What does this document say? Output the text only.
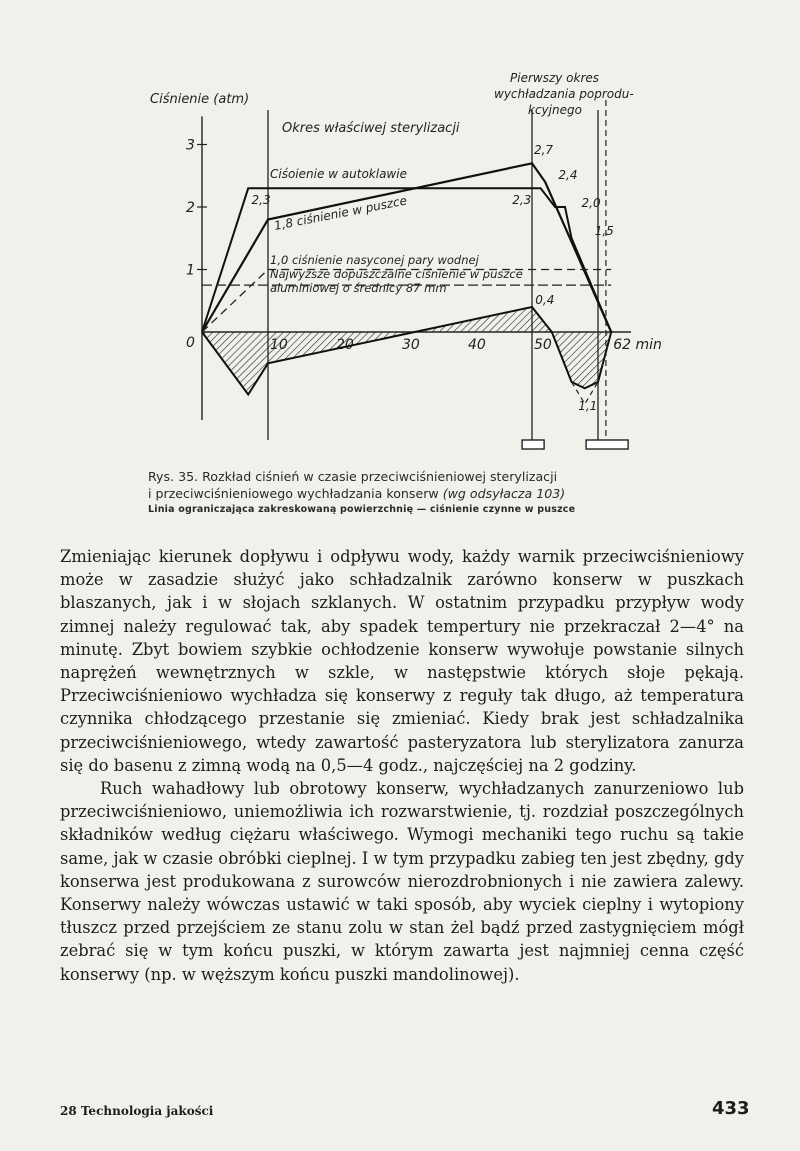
1
2
3
10	20	30	40	50	62 min
0
Ciśnienie (atm)
Okres właściwej sterylizacji
Pierwszy okres
wychładzania poprodu-
kcyjnego
Ciśoienie w autoklawie
1,8 ciśnienie w puszce
1,0 ciśnienie nasyconej pary wodnej
Najwyższe dopuszczalne ciśnienie w puszce
aluminiowej o średnicy 87 mm
2,3	2,3
2,7
2,4
2,0
1,5
0,4
1,1
Rys. 35. Rozkład ciśnień w czasie przeciwciśnieniowej sterylizacji
i przeciwciśnieniowego wychładzania konserw (wg odsyłacza 103)
Linia ograniczająca zakreskowaną powierzchnię — ciśnienie czynne w puszce

Zmieniając kierunek dopływu i odpływu wody, każdy warnik przeciwciśnieniowy może w zasadzie służyć jako schładzalnik zarówno konserw w puszkach blaszanych, jak i w słojach szklanych. W ostatnim przypadku przypływ wody zimnej należy regulować tak, aby spadek tempertury nie przekraczał 2—4° na minutę. Zbyt bowiem szybkie ochłodzenie konserw wywołuje powstanie silnych naprężeń wewnętrznych w szkle, w następstwie których słoje pękają. Przeciwciśnieniowo wychładza się konserwy z reguły tak długo, aż temperatura czynnika chłodzącego przestanie się zmieniać. Kiedy brak jest schładzalnika przeciwciśnieniowego, wtedy zawartość pasteryzatora lub sterylizatora zanurza się do basenu z zimną wodą na 0,5—4 godz., najczęściej na 2 godziny.

Ruch wahadłowy lub obrotowy konserw, wychładzanych zanurzeniowo lub przeciwciśnieniowo, uniemożliwia ich rozwarstwienie, tj. rozdział poszczególnych składników według ciężaru właściwego. Wymogi mechaniki tego ruchu są takie same, jak w czasie obróbki cieplnej. I w tym przypadku zabieg ten jest zbędny, gdy konserwa jest produkowana z surowców nierozdrobnionych i nie zawiera zalewy. Konserwy należy wówczas ustawić w taki sposób, aby wyciek cieplny i wytopiony tłuszcz przed przejściem ze stanu zolu w stan żel bądź przed zastygnięciem mógł zebrać się w tym końcu puszki, w którym zawarta jest najmniej cenna część konserwy (np. w węższym końcu puszki mandolinowej).

28 Technologia jakości	433
